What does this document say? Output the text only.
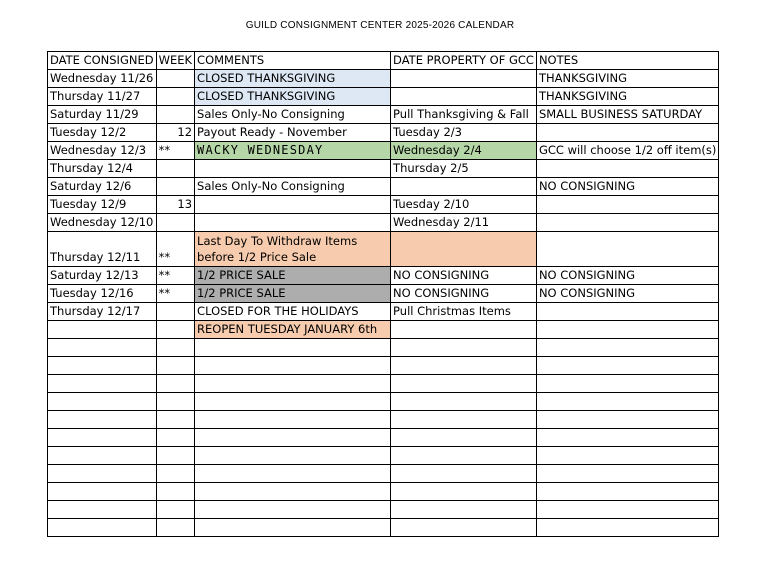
GUILD CONSIGNMENT CENTER 2025-2026 CALENDAR
DATE CONSIGNED	WEEK	COMMENTS	DATE PROPERTY OF GCC	NOTES
Wednesday 11/26		CLOSED THANKSGIVING		THANKSGIVING
Thursday 11/27		CLOSED THANKSGIVING		THANKSGIVING
Saturday 11/29		Sales Only-No Consigning	Pull Thanksgiving & Fall	SMALL BUSINESS SATURDAY
Tuesday 12/2	12	Payout Ready - November	Tuesday 2/3	
Wednesday 12/3	**	WACKY WEDNESDAY	Wednesday 2/4	GCC will choose 1/2 off item(s)
Thursday 12/4			Thursday 2/5	
Saturday 12/6		Sales Only-No Consigning		NO CONSIGNING
Tuesday 12/9	13		Tuesday 2/10	
Wednesday 12/10			Wednesday 2/11	
Thursday 12/11	**	Last Day To Withdraw Items before 1/2 Price Sale		
Saturday 12/13	**	1/2 PRICE SALE	NO CONSIGNING	NO CONSIGNING
Tuesday 12/16	**	1/2 PRICE SALE	NO CONSIGNING	NO CONSIGNING
Thursday 12/17		CLOSED FOR THE HOLIDAYS	Pull Christmas Items	
		REOPEN TUESDAY JANUARY 6th		
